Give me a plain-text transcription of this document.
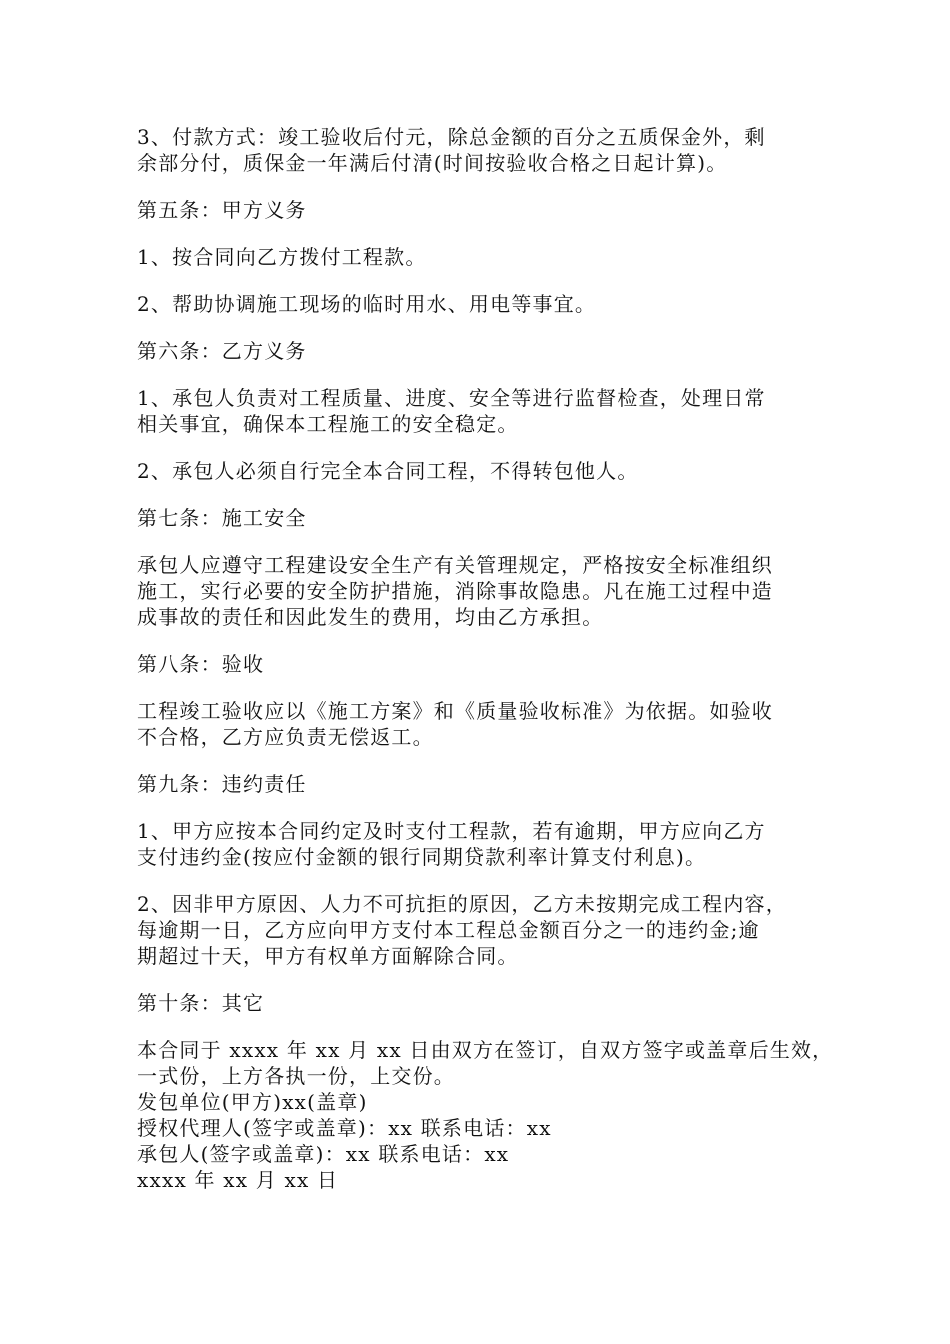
3、付款方式：竣工验收后付元，除总金额的百分之五质保金外，剩
余部分付，质保金一年满后付清(时间按验收合格之日起计算)。
第五条：甲方义务
1、按合同向乙方拨付工程款。
2、帮助协调施工现场的临时用水、用电等事宜。
第六条：乙方义务
1、承包人负责对工程质量、进度、安全等进行监督检查，处理日常
相关事宜，确保本工程施工的安全稳定。
2、承包人必须自行完全本合同工程，不得转包他人。
第七条：施工安全
承包人应遵守工程建设安全生产有关管理规定，严格按安全标准组织
施工，实行必要的安全防护措施，消除事故隐患。凡在施工过程中造
成事故的责任和因此发生的费用，均由乙方承担。
第八条：验收
工程竣工验收应以《施工方案》和《质量验收标准》为依据。如验收
不合格，乙方应负责无偿返工。
第九条：违约责任
1、甲方应按本合同约定及时支付工程款，若有逾期，甲方应向乙方
支付违约金(按应付金额的银行同期贷款利率计算支付利息)。
2、因非甲方原因、人力不可抗拒的原因，乙方未按期完成工程内容，
每逾期一日，乙方应向甲方支付本工程总金额百分之一的违约金;逾
期超过十天，甲方有权单方面解除合同。
第十条：其它
本合同于 xxxx 年 xx 月 xx 日由双方在签订，自双方签字或盖章后生效，
一式份，上方各执一份，上交份。
发包单位(甲方)xx(盖章)
授权代理人(签字或盖章)：xx 联系电话：xx
承包人(签字或盖章)：xx 联系电话：xx
xxxx 年 xx 月 xx 日
